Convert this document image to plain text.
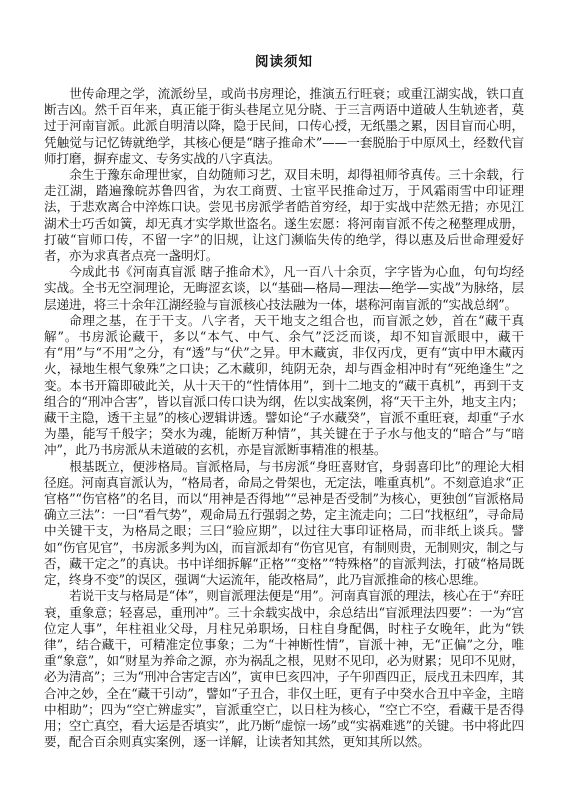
阅读须知

世传命理之学，流派纷呈，或尚书房理论，推演五行旺衰；或重江湖实战，铁口直断吉凶。然千百年来，真正能于街头巷尾立见分晓、于三言两语中道破人生轨迹者，莫过于河南盲派。此派自明清以降，隐于民间，口传心授，无纸墨之累，因目盲而心明，凭触觉与记忆铸就绝学，其核心便是“瞎子推命术”——一套脱胎于中原风土，经数代盲师打磨，摒弃虚文、专务实战的八字真法。

余生于豫东命理世家，自幼随师习艺，双目未明，却得祖师爷真传。三十余载，行走江湖，踏遍豫皖苏鲁四省，为农工商贾、士宦平民推命过万，于风霜雨雪中印证理法，于悲欢离合中淬炼口诀。尝见书房派学者皓首穷经，却于实战中茫然无措；亦见江湖术士巧舌如簧，却无真才实学欺世盗名。遂生宏愿：将河南盲派不传之秘整理成册，打破“盲师口传，不留一字”的旧规，让这门濒临失传的绝学，得以惠及后世命理爱好者，亦为求真者点亮一盏明灯。

今成此书《河南真盲派 瞎子推命术》，凡一百八十余页，字字皆为心血，句句均经实战。全书无空洞理论，无晦涩玄谈，以“基础—格局—理法—绝学—实战”为脉络，层层递进，将三十余年江湖经验与盲派核心技法融为一体，堪称河南盲派的“实战总纲”。

命理之基，在于干支。八字者，天干地支之组合也，而盲派之妙，首在“藏干真解”。书房派论藏干，多以“本气、中气、余气”泛泛而谈，却不知盲派眼中，藏干有“用”与“不用”之分，有“透”与“伏”之异。甲木藏寅，非仅丙戊，更有“寅中甲木藏丙火，禄地生根气象殊”之口诀；乙木藏卯，纯阴无杂，却与酉金相冲时有“死绝逢生”之变。本书开篇即破此关，从十天干的“性情体用”，到十二地支的“藏干真机”，再到干支组合的“刑冲合害”，皆以盲派口传口诀为纲，佐以实战案例，将“天干主外，地支主内；藏干主隐，透干主显”的核心逻辑讲透。譬如论“子水藏癸”，盲派不重旺衰，却重“子水为墨，能写千般字；癸水为魂，能断万种情”，其关键在于子水与他支的“暗合”与“暗冲”，此乃书房派从未道破的玄机，亦是盲派断事精准的根基。

根基既立，便涉格局。盲派格局，与书房派“身旺喜财官，身弱喜印比”的理论大相径庭。河南真盲派认为，“格局者，命局之骨架也，无定法，唯重真机”。不刻意追求“正官格”“伤官格”的名目，而以“用神是否得地”“忌神是否受制”为核心，更独创“盲派格局确立三法”：一曰“看气势”，观命局五行强弱之势，定主流走向；二曰“找枢纽”，寻命局中关键干支，为格局之眼；三曰“验应期”，以过往大事印证格局，而非纸上谈兵。譬如“伤官见官”，书房派多判为凶，而盲派却有“伤官见官，有制则贵，无制则灾，制之与否，藏干定之”的真诀。书中详细拆解“正格”“变格”“特殊格”的盲派判法，打破“格局既定，终身不变”的误区，强调“大运流年，能改格局”，此乃盲派推命的核心思维。

若说干支与格局是“体”，则盲派理法便是“用”。河南真盲派的理法，核心在于“弃旺衰，重象意；轻喜忌，重刑冲”。三十余载实战中，余总结出“盲派理法四要”：一为“宫位定人事”，年柱祖业父母，月柱兄弟职场，日柱自身配偶，时柱子女晚年，此为“铁律”，结合藏干，可精准定位事象；二为“十神断性情”，盲派十神，无“正偏”之分，唯重“象意”，如“财星为养命之源，亦为祸乱之根，见财不见印，必为财累；见印不见财，必为清高”；三为“刑冲合害定吉凶”，寅申巳亥四冲，子午卯酉四正，辰戌丑未四库，其合冲之妙，全在“藏干引动”，譬如“子丑合，非仅土旺，更有子中癸水合丑中辛金，主暗中相助”；四为“空亡辨虚实”，盲派重空亡，以日柱为核心，“空亡不空，看藏干是否得用；空亡真空，看大运是否填实”，此乃断“虚惊一场”或“实祸难逃”的关键。书中将此四要，配合百余则真实案例，逐一详解，让读者知其然，更知其所以然。
